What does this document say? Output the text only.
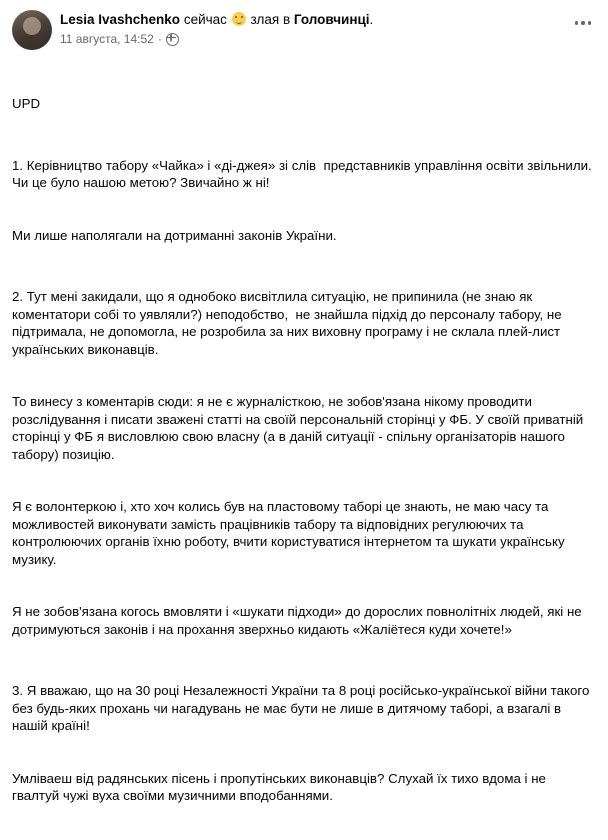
Lesia Ivashchenko сейчас злая в Головчинці.
11 августа, 14:52 ·

UPD

1. Керівництво табору «Чайка» і «ді-джея» зі слів  представників управління освіти звільнили. Чи це було нашою метою? Звичайно ж ні!

Ми лише наполягали на дотриманні законів України.

2. Тут мені закидали, що я однобоко висвітлила ситуацію, не припинила (не знаю як коментатори собі то уявляли?) неподобство,  не знайшла підхід до персоналу табору, не підтримала, не допомогла, не розробила за них виховну програму і не склала плей-лист українських виконавців.

То винесу з коментарів сюди: я не є журналісткою, не зобов'язана нікому проводити розслідування і писати зважені статті на своїй персональній сторінці у ФБ. У своїй приватній сторінці у ФБ я висловлюю свою власну (а в даній ситуації - спільну організаторів нашого табору) позицію.

Я є волонтеркою і, хто хоч колись був на пластовому таборі це знають, не маю часу та можливостей виконувати замість працівників табору та відповідних регулюючих та контролюючих органів їхню роботу, вчити користуватися інтернетом та шукати українську музику.

Я не зобов'язана когось вмовляти і «шукати підходи» до дорослих повнолітніх людей, які не дотримуються законів і на прохання зверхньо кидають «Жаліётеся куди хочете!»

3. Я вважаю, що на 30 році Незалежності України та 8 році російсько-української війни такого без будь-яких прохань чи нагадувань не має бути не лише в дитячому таборі, а взагалі в нашій країні!

Умліваеш від радянських пісень і пропутінських виконавців? Слухай їх тихо вдома і не гвалтуй чужі вуха своїми музичними вподобаннями.
